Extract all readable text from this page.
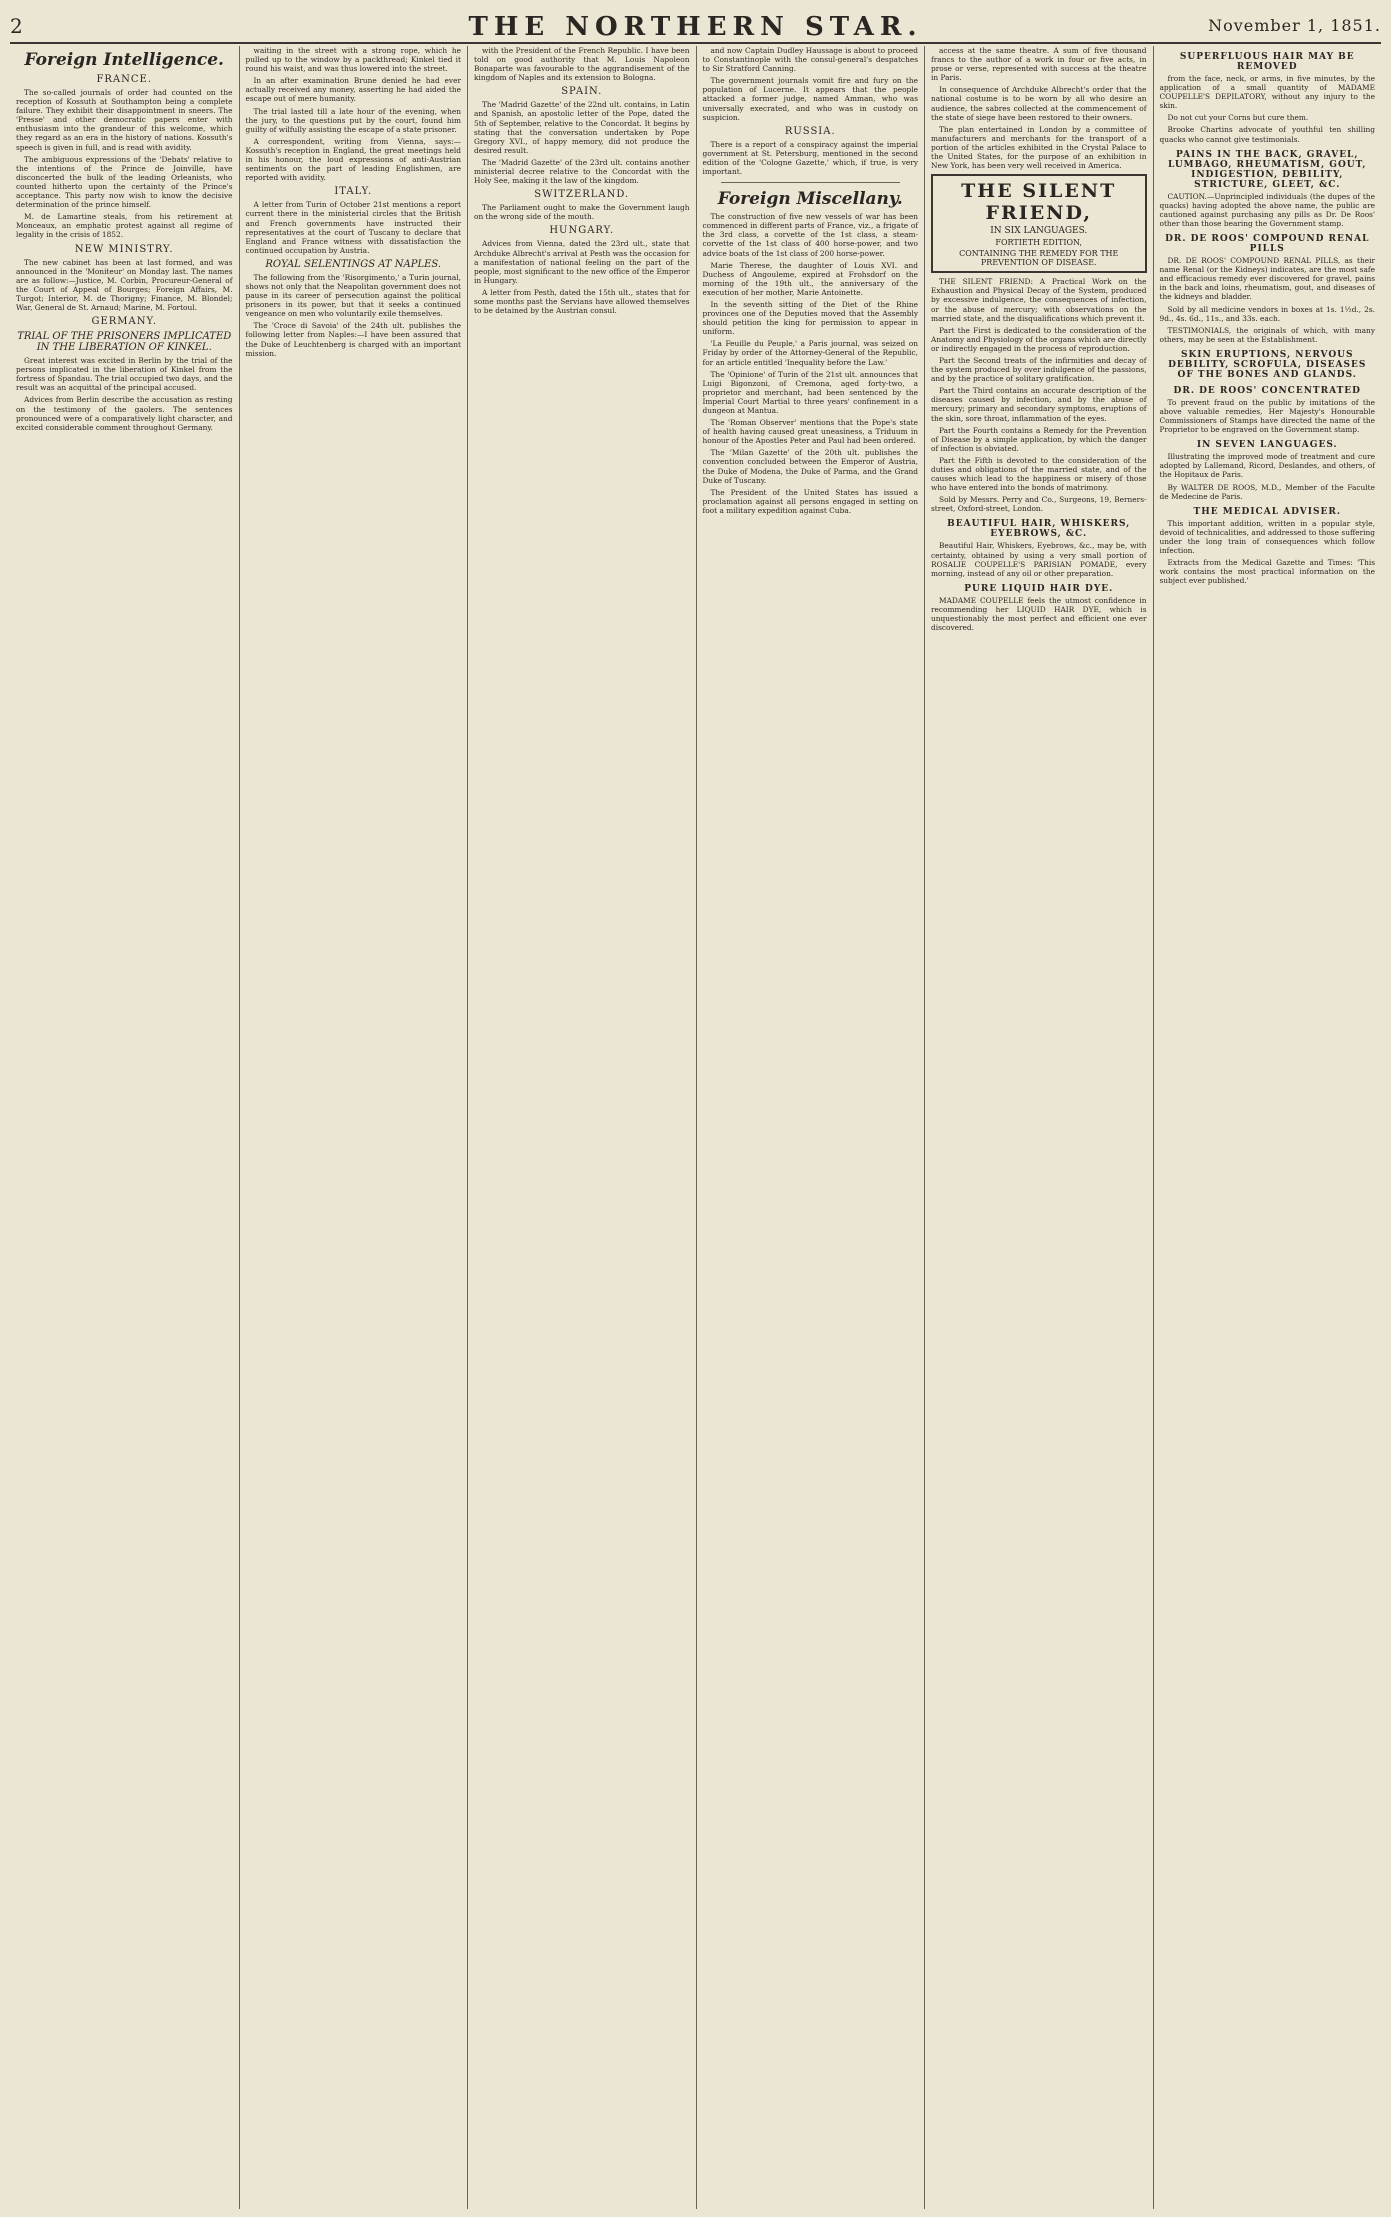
2	THE NORTHERN STAR.	November 1, 1851.
Foreign Intelligence.
FRANCE.

The so-called journals of order had counted on the reception of Kossuth at Southampton being a complete failure. They exhibit their disappointment in sneers. The 'Presse' and other democratic papers enter with enthusiasm into the grandeur of this welcome, which they regard as an era in the history of nations. Kossuth's speech is given in full, and is read with avidity.

The ambiguous expressions of the 'Debats' relative to the intentions of the Prince de Joinville, have disconcerted the bulk of the leading Orleanists, who counted hitherto upon the certainty of the Prince's acceptance. This party now wish to know the decisive determination of the prince himself.

M. de Lamartine steals, from his retirement at Monceaux, an emphatic protest against all regime of legality in the crisis of 1852.

NEW MINISTRY.

The new cabinet has been at last formed, and was announced in the 'Moniteur' on Monday last. The names are as follow:—Justice, M. Corbin, Procureur-General of the Court of Appeal of Bourges; Foreign Affairs, M. Turgot; Interior, M. de Thorigny; Finance, M. Blondel; War, General de St. Arnaud; Marine, M. Fortoul.

GERMANY.
TRIAL OF THE PRISONERS IMPLICATED IN THE LIBERATION OF KINKEL.

Great interest was excited in Berlin by the trial of the persons implicated in the liberation of Kinkel from the fortress of Spandau. The trial occupied two days, and the result was an acquittal of the principal accused.

Advices from Berlin describe the accusation as resting on the testimony of the gaolers. The sentences pronounced were of a comparatively light character, and excited considerable comment throughout Germany.

waiting in the street with a strong rope, which he pulled up to the window by a packthread; Kinkel tied it round his waist, and was thus lowered into the street.

In an after examination Brune denied he had ever actually received any money, asserting he had aided the escape out of mere humanity.

The trial lasted till a late hour of the evening, when the jury, to the questions put by the court, found him guilty of wilfully assisting the escape of a state prisoner.

A correspondent, writing from Vienna, says:—Kossuth's reception in England, the great meetings held in his honour, the loud expressions of anti-Austrian sentiments on the part of leading Englishmen, are reported with avidity.

ITALY.

A letter from Turin of October 21st mentions a report current there in the ministerial circles that the British and French governments have instructed their representatives at the court of Tuscany to declare that England and France witness with dissatisfaction the continued occupation by Austria.

ROYAL SELENTINGS AT NAPLES.

The following from the 'Risorgimento,' a Turin journal, shows not only that the Neapolitan government does not pause in its career of persecution against the political prisoners in its power, but that it seeks a continued vengeance on men who voluntarily exile themselves.

The 'Croce di Savoia' of the 24th ult. publishes the following letter from Naples:—I have been assured that the Duke of Leuchtenberg is charged with an important mission.

with the President of the French Republic. I have been told on good authority that M. Louis Napoleon Bonaparte was favourable to the aggrandisement of the kingdom of Naples and its extension to Bologna.

SPAIN.

The 'Madrid Gazette' of the 22nd ult. contains, in Latin and Spanish, an apostolic letter of the Pope, dated the 5th of September, relative to the Concordat. It begins by stating that the conversation undertaken by Pope Gregory XVI., of happy memory, did not produce the desired result.

The 'Madrid Gazette' of the 23rd ult. contains another ministerial decree relative to the Concordat with the Holy See, making it the law of the kingdom.

SWITZERLAND.

The Parliament ought to make the Government laugh on the wrong side of the mouth.

HUNGARY.

Advices from Vienna, dated the 23rd ult., state that Archduke Albrecht's arrival at Pesth was the occasion for a manifestation of national feeling on the part of the people, most significant to the new office of the Emperor in Hungary.

A letter from Pesth, dated the 15th ult., states that for some months past the Servians have allowed themselves to be detained by the Austrian consul.

and now Captain Dudley Haussage is about to proceed to Constantinople with the consul-general's despatches to Sir Stratford Canning.

The government journals vomit fire and fury on the population of Lucerne. It appears that the people attacked a former judge, named Amman, who was universally execrated, and who was in custody on suspicion.

RUSSIA.

There is a report of a conspiracy against the imperial government at St. Petersburg, mentioned in the second edition of the 'Cologne Gazette,' which, if true, is very important.

Foreign Miscellany.

The construction of five new vessels of war has been commenced in different parts of France, viz., a frigate of the 3rd class, a corvette of the 1st class, a steam-corvette of the 1st class of 400 horse-power, and two advice boats of the 1st class of 200 horse-power.

Marie Therese, the daughter of Louis XVI. and Duchess of Angouleme, expired at Frohsdorf on the morning of the 19th ult., the anniversary of the execution of her mother, Marie Antoinette.

In the seventh sitting of the Diet of the Rhine provinces one of the Deputies moved that the Assembly should petition the king for permission to appear in uniform.

'La Feuille du Peuple,' a Paris journal, was seized on Friday by order of the Attorney-General of the Republic, for an article entitled 'Inequality before the Law.'

The 'Opinione' of Turin of the 21st ult. announces that Luigi Bigonzoni, of Cremona, aged forty-two, a proprietor and merchant, had been sentenced by the Imperial Court Martial to three years' confinement in a dungeon at Mantua.

The 'Roman Observer' mentions that the Pope's state of health having caused great uneasiness, a Triduum in honour of the Apostles Peter and Paul had been ordered.

The 'Milan Gazette' of the 20th ult. publishes the convention concluded between the Emperor of Austria, the Duke of Modena, the Duke of Parma, and the Grand Duke of Tuscany.

The President of the United States has issued a proclamation against all persons engaged in setting on foot a military expedition against Cuba.

access at the same theatre. A sum of five thousand francs to the author of a work in four or five acts, in prose or verse, represented with success at the theatre in Paris.

In consequence of Archduke Albrecht's order that the national costume is to be worn by all who desire an audience, the sabres collected at the commencement of the state of siege have been restored to their owners.

The plan entertained in London by a committee of manufacturers and merchants for the transport of a portion of the articles exhibited in the Crystal Palace to the United States, for the purpose of an exhibition in New York, has been very well received in America.

THE SILENT FRIEND,
IN SIX LANGUAGES.
FORTIETH EDITION,
CONTAINING THE REMEDY FOR THE PREVENTION OF DISEASE.

THE SILENT FRIEND: A Practical Work on the Exhaustion and Physical Decay of the System, produced by excessive indulgence, the consequences of infection, or the abuse of mercury; with observations on the married state, and the disqualifications which prevent it.

Part the First is dedicated to the consideration of the Anatomy and Physiology of the organs which are directly or indirectly engaged in the process of reproduction.

Part the Second treats of the infirmities and decay of the system produced by over indulgence of the passions, and by the practice of solitary gratification.

Part the Third contains an accurate description of the diseases caused by infection, and by the abuse of mercury; primary and secondary symptoms, eruptions of the skin, sore throat, inflammation of the eyes.

Part the Fourth contains a Remedy for the Prevention of Disease by a simple application, by which the danger of infection is obviated.

Part the Fifth is devoted to the consideration of the duties and obligations of the married state, and of the causes which lead to the happiness or misery of those who have entered into the bonds of matrimony.

Sold by Messrs. Perry and Co., Surgeons, 19, Berners-street, Oxford-street, London.

BEAUTIFUL HAIR, WHISKERS, EYEBROWS, &C.

Beautiful Hair, Whiskers, Eyebrows, &c., may be, with certainty, obtained by using a very small portion of ROSALIE COUPELLE'S PARISIAN POMADE, every morning, instead of any oil or other preparation.

PURE LIQUID HAIR DYE.

MADAME COUPELLE feels the utmost confidence in recommending her LIQUID HAIR DYE, which is unquestionably the most perfect and efficient one ever discovered.

SUPERFLUOUS HAIR MAY BE REMOVED

from the face, neck, or arms, in five minutes, by the application of a small quantity of MADAME COUPELLE'S DEPILATORY, without any injury to the skin.

Do not cut your Corns but cure them.

Brooke Chartins advocate of youthful ten shilling quacks who cannot give testimonials.

PAINS IN THE BACK, GRAVEL, LUMBAGO, RHEUMATISM, GOUT, INDIGESTION, DEBILITY, STRICTURE, GLEET, &C.

CAUTION.—Unprincipled individuals (the dupes of the quacks) having adopted the above name, the public are cautioned against purchasing any pills as Dr. De Roos' other than those bearing the Government stamp.

DR. DE ROOS' COMPOUND RENAL PILLS

DR. DE ROOS' COMPOUND RENAL PILLS, as their name Renal (or the Kidneys) indicates, are the most safe and efficacious remedy ever discovered for gravel, pains in the back and loins, rheumatism, gout, and diseases of the kidneys and bladder.

Sold by all medicine vendors in boxes at 1s. 1½d., 2s. 9d., 4s. 6d., 11s., and 33s. each.

TESTIMONIALS, the originals of which, with many others, may be seen at the Establishment.

SKIN ERUPTIONS, NERVOUS DEBILITY, SCROFULA, DISEASES OF THE BONES AND GLANDS.
DR. DE ROOS' CONCENTRATED

To prevent fraud on the public by imitations of the above valuable remedies, Her Majesty's Honourable Commissioners of Stamps have directed the name of the Proprietor to be engraved on the Government stamp.

IN SEVEN LANGUAGES.

Illustrating the improved mode of treatment and cure adopted by Lallemand, Ricord, Deslandes, and others, of the Hopitaux de Paris.

By WALTER DE ROOS, M.D., Member of the Faculte de Medecine de Paris.

THE MEDICAL ADVISER.

This important addition, written in a popular style, devoid of technicalities, and addressed to those suffering under the long train of consequences which follow infection.

Extracts from the Medical Gazette and Times: 'This work contains the most practical information on the subject ever published.'
